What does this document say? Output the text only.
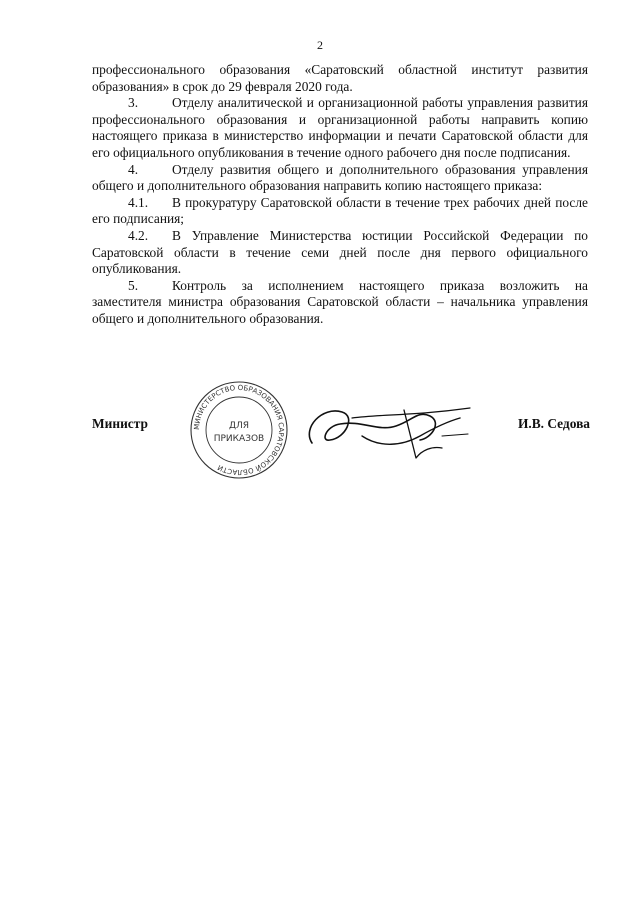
2

профессионального образования «Саратовский областной институт развития образования» в срок до 29 февраля 2020 года.

3.	Отделу аналитической и организационной работы управления развития профессионального образования и организационной работы направить копию настоящего приказа в министерство информации и печати Саратовской области для его официального опубликования в течение одного рабочего дня после подписания.

4.	Отделу развития общего и дополнительного образования управления общего и дополнительного образования направить копию настоящего приказа:

4.1. В прокуратуру Саратовской области в течение трех рабочих дней после его подписания;

4.2. В Управление Министерства юстиции Российской Федерации по Саратовской области в течение семи дней после дня первого официального опубликования.

5.	Контроль за исполнением настоящего приказа возложить на заместителя министра образования Саратовской области – начальника управления общего и дополнительного образования.

Министр	МИНИСТЕРСТВО ОБРАЗОВАНИЯ САРАТОВСКОЙ ОБЛАСТИ
ДЛЯ
ПРИКАЗОВ
И.В. Седова
